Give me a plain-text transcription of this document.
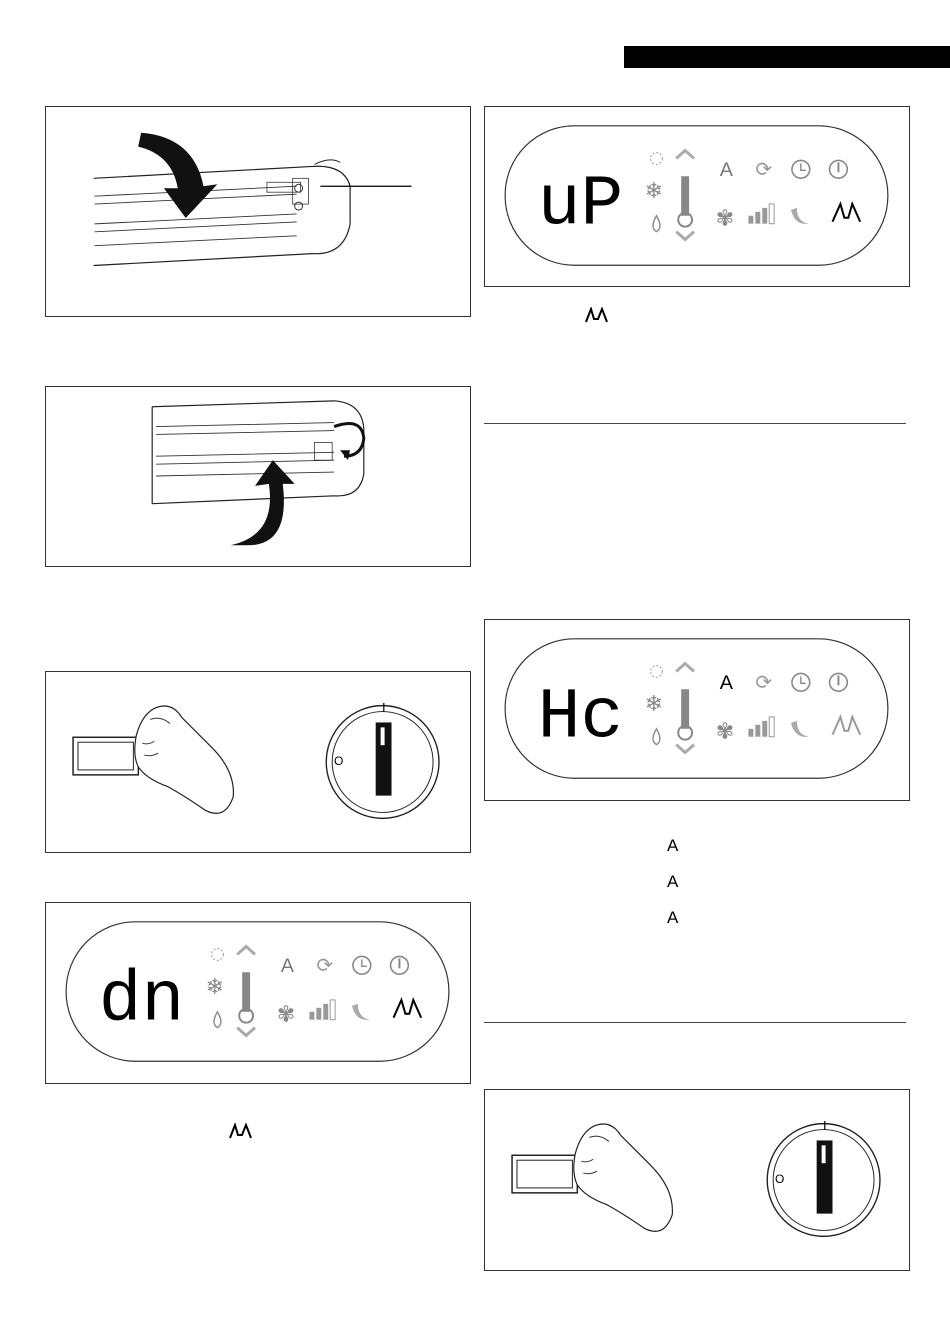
I
O
dn ❄
A ⟳
✾
uP ❄
A ⟳
✾
Hc ❄
A ⟳
✾
I
O
A
A
A
